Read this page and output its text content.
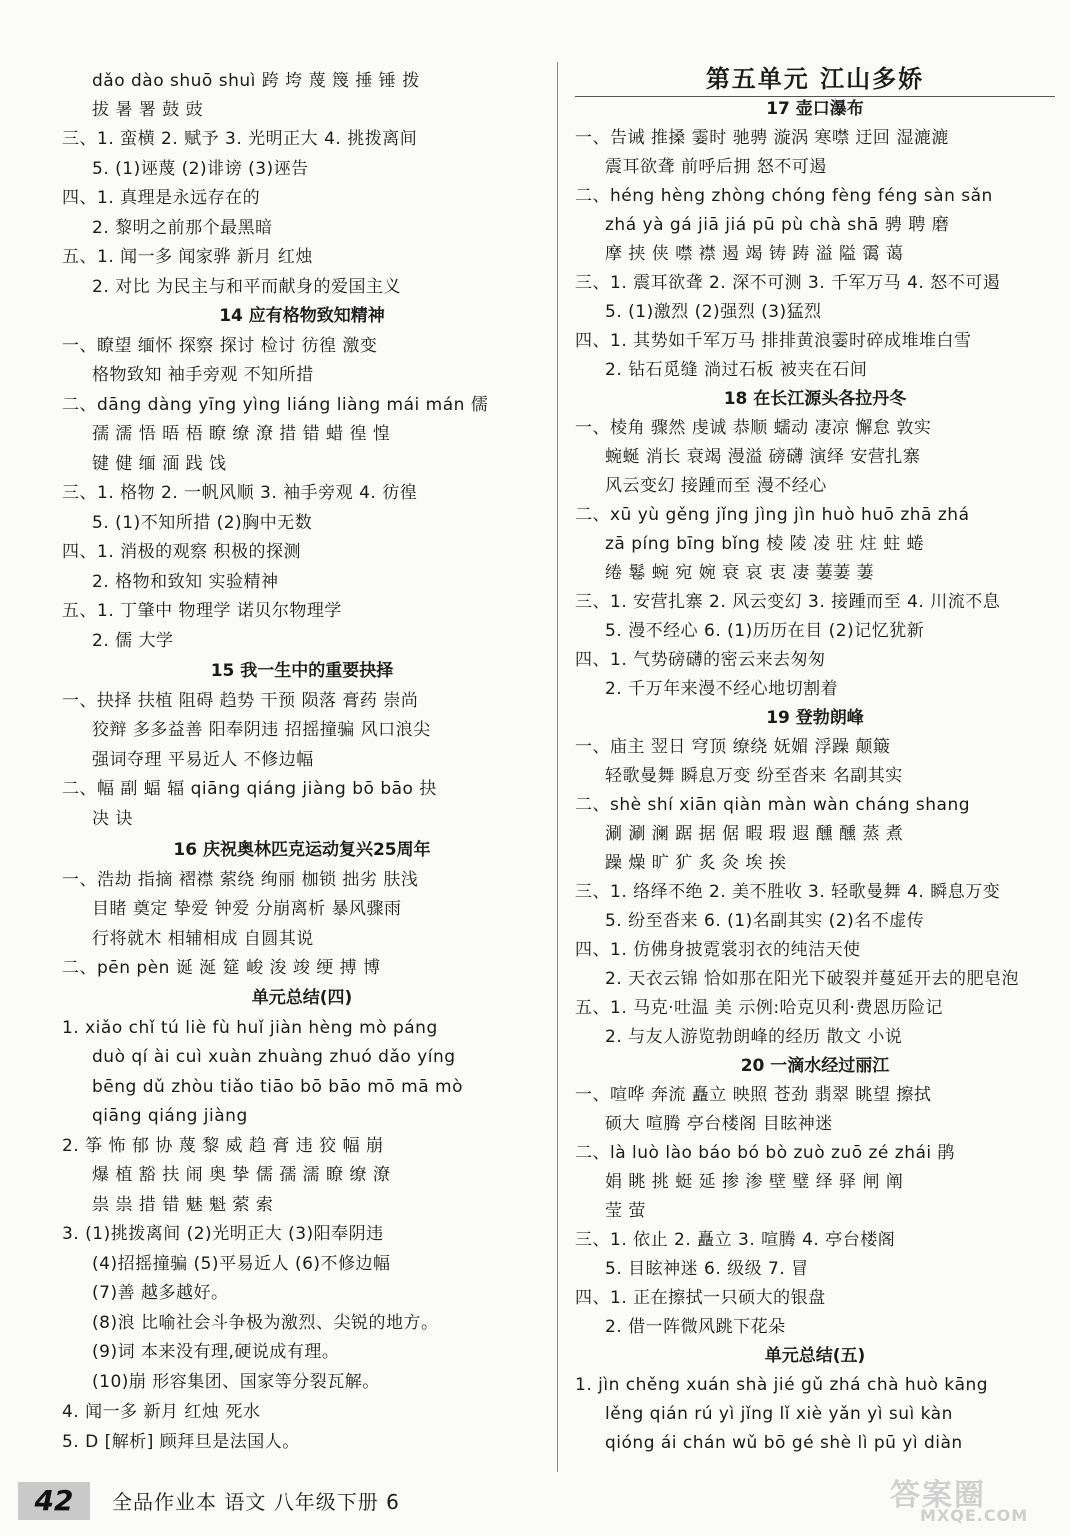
dǎo dào shuō shuì 跨 垮 蔑 篾 捶 锤 拨
拔 暑 署 鼓 豉
三、1. 蛮横 2. 赋予 3. 光明正大 4. 挑拨离间
5. (1)诬蔑 (2)诽谤 (3)诬告
四、1. 真理是永远存在的
2. 黎明之前那个最黑暗
五、1. 闻一多 闻家骅 新月 红烛
2. 对比 为民主与和平而献身的爱国主义
14 应有格物致知精神
一、瞭望 缅怀 探察 探讨 检讨 彷徨 激变
格物致知 袖手旁观 不知所措
二、dāng dàng yīng yìng liáng liàng mái mán 儒
孺 濡 悟 晤 梧 瞭 缭 潦 措 错 蜡 徨 惶
键 健 缅 湎 践 饯
三、1. 格物 2. 一帆风顺 3. 袖手旁观 4. 彷徨
5. (1)不知所措 (2)胸中无数
四、1. 消极的观察 积极的探测
2. 格物和致知 实验精神
五、1. 丁肇中 物理学 诺贝尔物理学
2. 儒 大学
15 我一生中的重要抉择
一、抉择 扶植 阻碍 趋势 干预 陨落 膏药 崇尚
狡辩 多多益善 阳奉阴违 招摇撞骗 风口浪尖
强词夺理 平易近人 不修边幅
二、幅 副 蝠 辐 qiāng qiáng jiàng bō bāo 抉
决 诀
16 庆祝奥林匹克运动复兴25周年
一、浩劫 指摘 褶襟 萦绕 绚丽 枷锁 拙劣 肤浅
目睹 奠定 挚爱 钟爱 分崩离析 暴风骤雨
行将就木 相辅相成 自圆其说
二、pēn pèn 诞 涎 筵 峻 浚 竣 绠 搏 博
单元总结(四)
1. xiǎo chǐ tú liè fù huǐ jiàn hèng mò páng
duò qí ài cuì xuàn zhuàng zhuó dǎo yíng
bēng dǔ zhòu tiǎo tiāo bō bāo mō mā mò
qiāng qiáng jiàng
2. 筝 怖 郁 协 蔑 黎 威 趋 膏 违 狡 幅 崩
爆 植 豁 扶 闹 奥 挚 儒 孺 濡 瞭 缭 潦
祟 祟 措 错 魅 魁 萦 索
3. (1)挑拨离间 (2)光明正大 (3)阳奉阴违
(4)招摇撞骗 (5)平易近人 (6)不修边幅
(7)善 越多越好。
(8)浪 比喻社会斗争极为激烈、尖锐的地方。
(9)词 本来没有理,硬说成有理。
(10)崩 形容集团、国家等分裂瓦解。
4. 闻一多 新月 红烛 死水
5. D [解析] 顾拜旦是法国人。
第五单元 江山多娇
17 壶口瀑布
一、告诫 推搡 霎时 驰骋 漩涡 寒噤 迂回 湿漉漉
震耳欲聋 前呼后拥 怒不可遏
二、héng hèng zhòng chóng fèng féng sàn sǎn
zhá yà gá jiā jiá pū pù chà shā 骋 聘 磨
摩 挟 侠 噤 襟 遏 竭 铸 踌 溢 隘 霭 蔼
三、1. 震耳欲聋 2. 深不可测 3. 千军万马 4. 怒不可遏
5. (1)激烈 (2)强烈 (3)猛烈
四、1. 其势如千军万马 排排黄浪霎时碎成堆堆白雪
2. 钻石觅缝 淌过石板 被夹在石间
18 在长江源头各拉丹冬
一、棱角 骤然 虔诚 恭顺 蠕动 凄凉 懈怠 敦实
蜿蜒 消长 衰竭 漫溢 磅礴 演绎 安营扎寨
风云变幻 接踵而至 漫不经心
二、xū yù gěng jǐng jìng jìn huò huō zhā zhá
zā píng bīng bǐng 棱 陵 凌 驻 炷 蛀 蜷
绻 鬈 蜿 宛 婉 衰 哀 衷 凄 萋萋 萋
三、1. 安营扎寨 2. 风云变幻 3. 接踵而至 4. 川流不息
5. 漫不经心 6. (1)历历在目 (2)记忆犹新
四、1. 气势磅礴的密云来去匆匆
2. 千万年来漫不经心地切割着
19 登勃朗峰
一、庙主 翌日 穹顶 缭绕 妩媚 浮躁 颠簸
轻歌曼舞 瞬息万变 纷至沓来 名副其实
二、shè shí xiān qiàn màn wàn cháng shang
涮 涮 澜 踞 据 倨 暇 瑕 遐 醺 醺 蒸 煮
躁 燥 旷 犷 炙 灸 埃 挨
三、1. 络绎不绝 2. 美不胜收 3. 轻歌曼舞 4. 瞬息万变
5. 纷至沓来 6. (1)名副其实 (2)名不虚传
四、1. 仿佛身披霓裳羽衣的纯洁天使
2. 天衣云锦 恰如那在阳光下破裂并蔓延开去的肥皂泡
五、1. 马克·吐温 美 示例:哈克贝利·费恩历险记
2. 与友人游览勃朗峰的经历 散文 小说
20 一滴水经过丽江
一、喧哗 奔流 矗立 映照 苍劲 翡翠 眺望 擦拭
硕大 喧腾 亭台楼阁 目眩神迷
二、là luò lào báo bó bò zuò zuō zé zhái 鹃
娟 眺 挑 蜓 延 掺 渗 壁 璧 绎 驿 闸 阐
莹 萤
三、1. 依止 2. 矗立 3. 喧腾 4. 亭台楼阁
5. 目眩神迷 6. 级级 7. 冒
四、1. 正在擦拭一只硕大的银盘
2. 借一阵微风跳下花朵
单元总结(五)
1. jìn chěng xuán shà jié gǔ zhá chà huò kāng
lěng qián rú yì jǐng lǐ xiè yǎn yì suì kàn
qióng ái chán wǔ bō gé shè lì pū yì diàn
42	全品作业本 语文 八年级下册 6	答案圈
MXQE.COM
